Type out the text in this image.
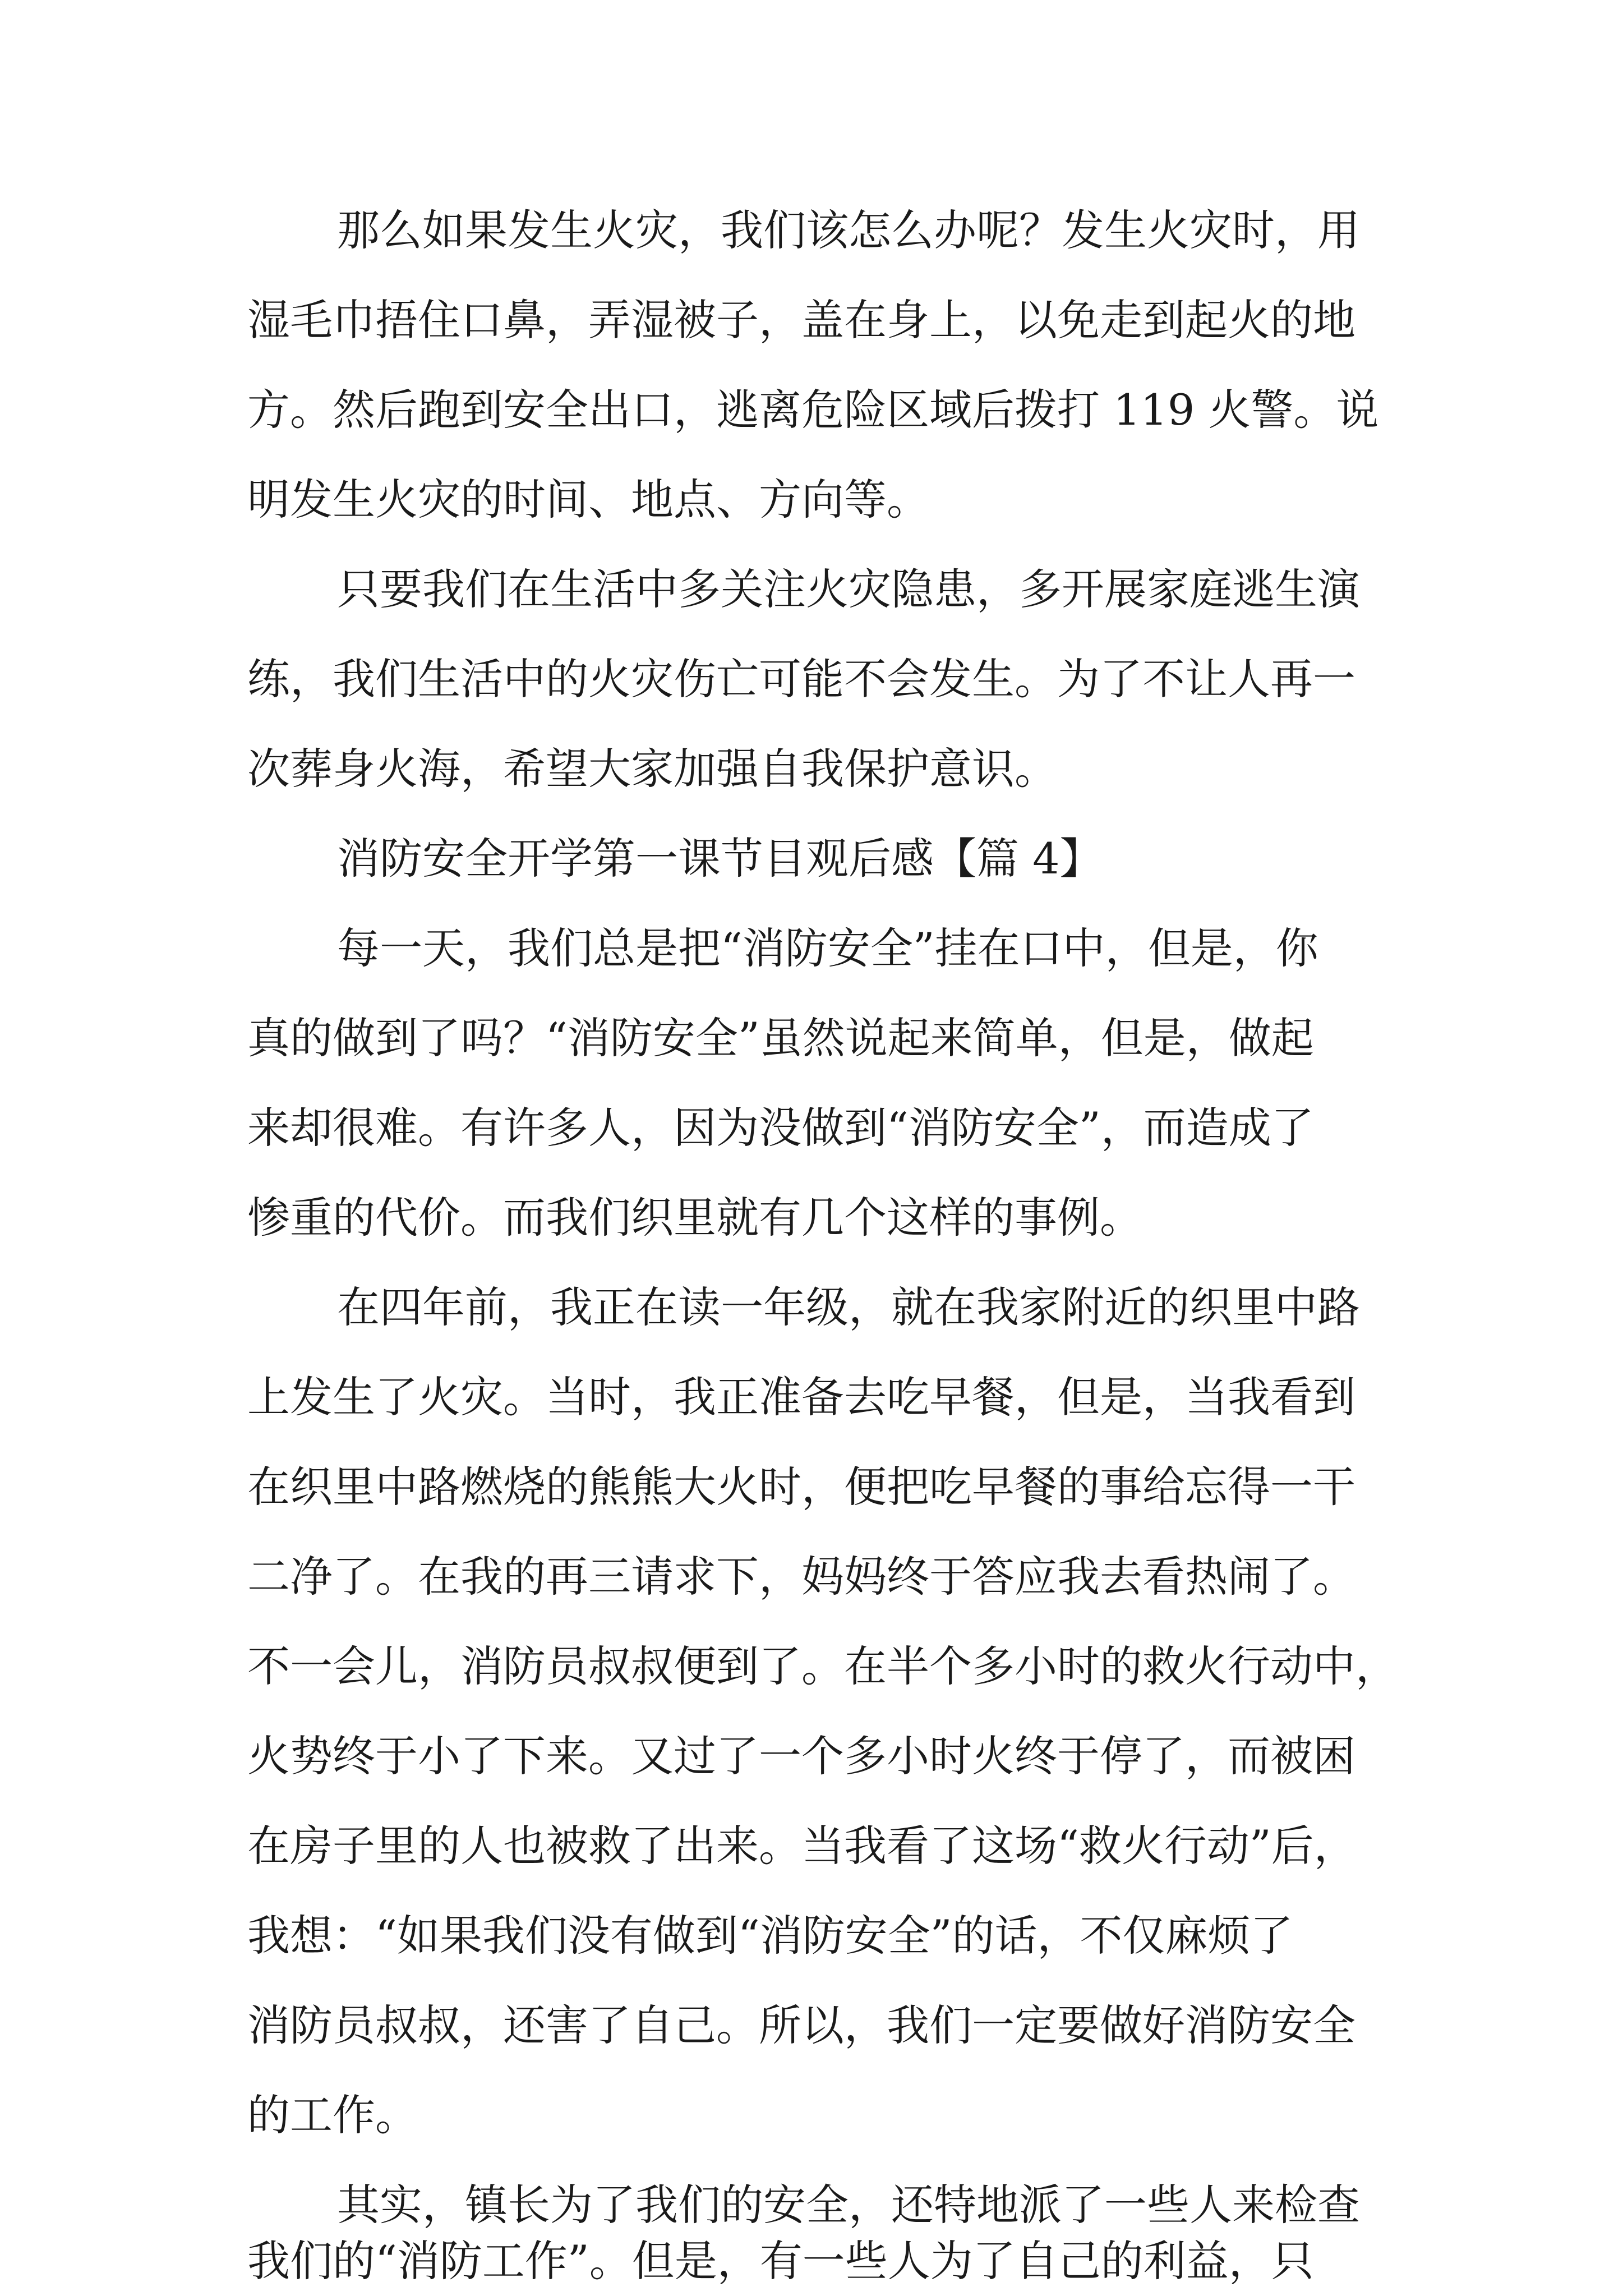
那么如果发生火灾，我们该怎么办呢？发生火灾时，用
湿毛巾捂住口鼻，弄湿被子，盖在身上，以免走到起火的地
方。然后跑到安全出口，逃离危险区域后拨打 119 火警。说
明发生火灾的时间、地点、方向等。
只要我们在生活中多关注火灾隐患，多开展家庭逃生演
练，我们生活中的火灾伤亡可能不会发生。为了不让人再一
次葬身火海，希望大家加强自我保护意识。
消防安全开学第一课节目观后感【篇 4】
每一天，我们总是把“消防安全”挂在口中，但是，你
真的做到了吗？“消防安全”虽然说起来简单，但是，做起
来却很难。有许多人，因为没做到“消防安全”，而造成了
惨重的代价。而我们织里就有几个这样的事例。
在四年前，我正在读一年级，就在我家附近的织里中路
上发生了火灾。当时，我正准备去吃早餐，但是，当我看到
在织里中路燃烧的熊熊大火时，便把吃早餐的事给忘得一干
二净了。在我的再三请求下，妈妈终于答应我去看热闹了。
不一会儿，消防员叔叔便到了。在半个多小时的救火行动中，
火势终于小了下来。又过了一个多小时火终于停了，而被困
在房子里的人也被救了出来。当我看了这场“救火行动”后，
我想：“如果我们没有做到“消防安全”的话，不仅麻烦了
消防员叔叔，还害了自己。所以，我们一定要做好消防安全
的工作。
其实，镇长为了我们的安全，还特地派了一些人来检查
我们的“消防工作”。但是，有一些人为了自己的利益，只
